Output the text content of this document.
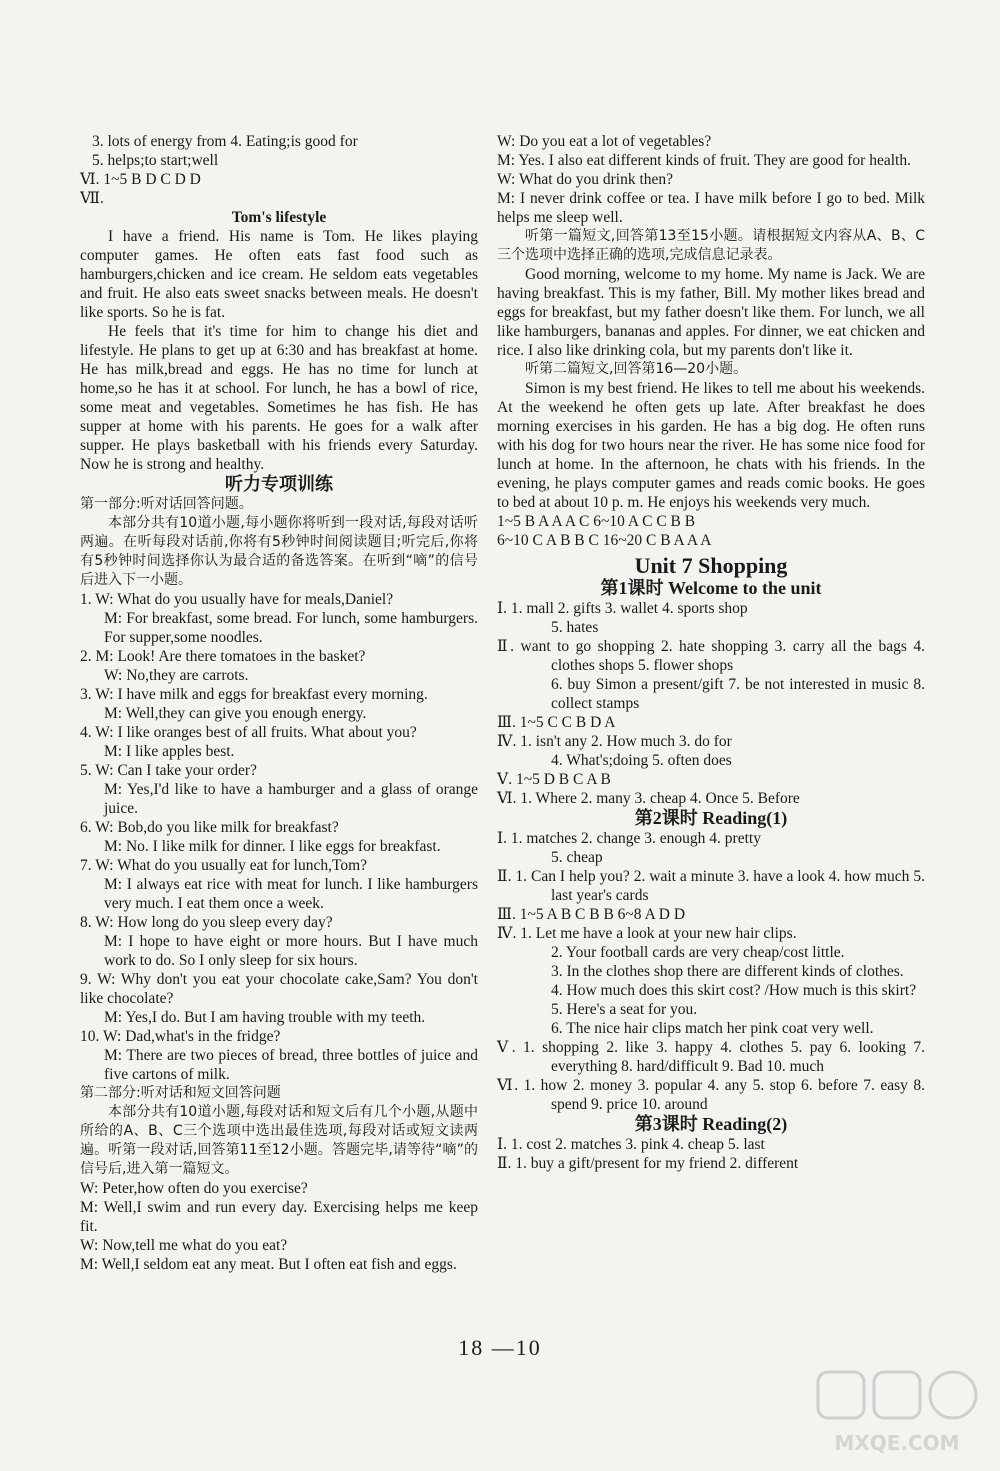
3. lots of energy from 4. Eating;is good for
5. helps;to start;well
Ⅵ. 1~5 B D C D D
Ⅶ.
Tom's lifestyle
I have a friend. His name is Tom. He likes playing computer games. He often eats fast food such as hamburgers,chicken and ice cream. He seldom eats vegetables and fruit. He also eats sweet snacks between meals. He doesn't like sports. So he is fat.
He feels that it's time for him to change his diet and lifestyle. He plans to get up at 6:30 and has breakfast at home. He has milk,bread and eggs. He has no time for lunch at home,so he has it at school. For lunch, he has a bowl of rice, some meat and vegetables. Sometimes he has fish. He has supper at home with his parents. He goes for a walk after supper. He plays basketball with his friends every Saturday. Now he is strong and healthy.
听力专项训练
第一部分:听对话回答问题。
本部分共有10道小题,每小题你将听到一段对话,每段对话听两遍。在听每段对话前,你将有5秒钟时间阅读题目;听完后,你将有5秒钟时间选择你认为最合适的备选答案。在听到“嘀”的信号后进入下一小题。
1. W: What do you usually have for meals,Daniel?
M: For breakfast, some bread. For lunch, some hamburgers. For supper,some noodles.
2. M: Look! Are there tomatoes in the basket?
W: No,they are carrots.
3. W: I have milk and eggs for breakfast every morning.
M: Well,they can give you enough energy.
4. W: I like oranges best of all fruits. What about you?
M: I like apples best.
5. W: Can I take your order?
M: Yes,I'd like to have a hamburger and a glass of orange juice.
6. W: Bob,do you like milk for breakfast?
M: No. I like milk for dinner. I like eggs for breakfast.
7. W: What do you usually eat for lunch,Tom?
M: I always eat rice with meat for lunch. I like hamburgers very much. I eat them once a week.
8. W: How long do you sleep every day?
M: I hope to have eight or more hours. But I have much work to do. So I only sleep for six hours.
9. W: Why don't you eat your chocolate cake,Sam? You don't like chocolate?
M: Yes,I do. But I am having trouble with my teeth.
10. W: Dad,what's in the fridge?
M: There are two pieces of bread, three bottles of juice and five cartons of milk.
第二部分:听对话和短文回答问题
本部分共有10道小题,每段对话和短文后有几个小题,从题中所给的A、B、C三个选项中选出最佳选项,每段对话或短文读两遍。听第一段对话,回答第11至12小题。答题完毕,请等待“嘀”的信号后,进入第一篇短文。
W: Peter,how often do you exercise?
M: Well,I swim and run every day. Exercising helps me keep fit.
W: Now,tell me what do you eat?
M: Well,I seldom eat any meat. But I often eat fish and eggs.
W: Do you eat a lot of vegetables?
M: Yes. I also eat different kinds of fruit. They are good for health.
W: What do you drink then?
M: I never drink coffee or tea. I have milk before I go to bed. Milk helps me sleep well.
听第一篇短文,回答第13至15小题。请根据短文内容从A、B、C三个选项中选择正确的选项,完成信息记录表。
Good morning, welcome to my home. My name is Jack. We are having breakfast. This is my father, Bill. My mother likes bread and eggs for breakfast, but my father doesn't like them. For lunch, we all like hamburgers, bananas and apples. For dinner, we eat chicken and rice. I also like drinking cola, but my parents don't like it.
听第二篇短文,回答第16—20小题。
Simon is my best friend. He likes to tell me about his weekends. At the weekend he often gets up late. After breakfast he does morning exercises in his garden. He has a big dog. He often runs with his dog for two hours near the river. He has some nice food for lunch at home. In the afternoon, he chats with his friends. In the evening, he plays computer games and reads comic books. He goes to bed at about 10 p. m. He enjoys his weekends very much.
1~5 B A A A C 6~10 A C C B B
6~10 C A B B C 16~20 C B A A A
Unit 7 Shopping
第1课时 Welcome to the unit
Ⅰ. 1. mall 2. gifts 3. wallet 4. sports shop
5. hates
Ⅱ. want to go shopping 2. hate shopping 3. carry all the bags 4. clothes shops 5. flower shops
6. buy Simon a present/gift 7. be not interested in music 8. collect stamps
Ⅲ. 1~5 C C B D A
Ⅳ. 1. isn't any 2. How much 3. do for
4. What's;doing 5. often does
Ⅴ. 1~5 D B C A B
Ⅵ. 1. Where 2. many 3. cheap 4. Once 5. Before
第2课时 Reading(1)
Ⅰ. 1. matches 2. change 3. enough 4. pretty
5. cheap
Ⅱ. 1. Can I help you? 2. wait a minute 3. have a look 4. how much 5. last year's cards
Ⅲ. 1~5 A B C B B 6~8 A D D
Ⅳ. 1. Let me have a look at your new hair clips.
2. Your football cards are very cheap/cost little.
3. In the clothes shop there are different kinds of clothes.
4. How much does this skirt cost? /How much is this skirt?
5. Here's a seat for you.
6. The nice hair clips match her pink coat very well.
Ⅴ. 1. shopping 2. like 3. happy 4. clothes 5. pay 6. looking 7. everything 8. hard/difficult 9. Bad 10. much
Ⅵ. 1. how 2. money 3. popular 4. any 5. stop 6. before 7. easy 8. spend 9. price 10. around
第3课时 Reading(2)
Ⅰ. 1. cost 2. matches 3. pink 4. cheap 5. last
Ⅱ. 1. buy a gift/present for my friend 2. different
18 —10
MXQE.COM
